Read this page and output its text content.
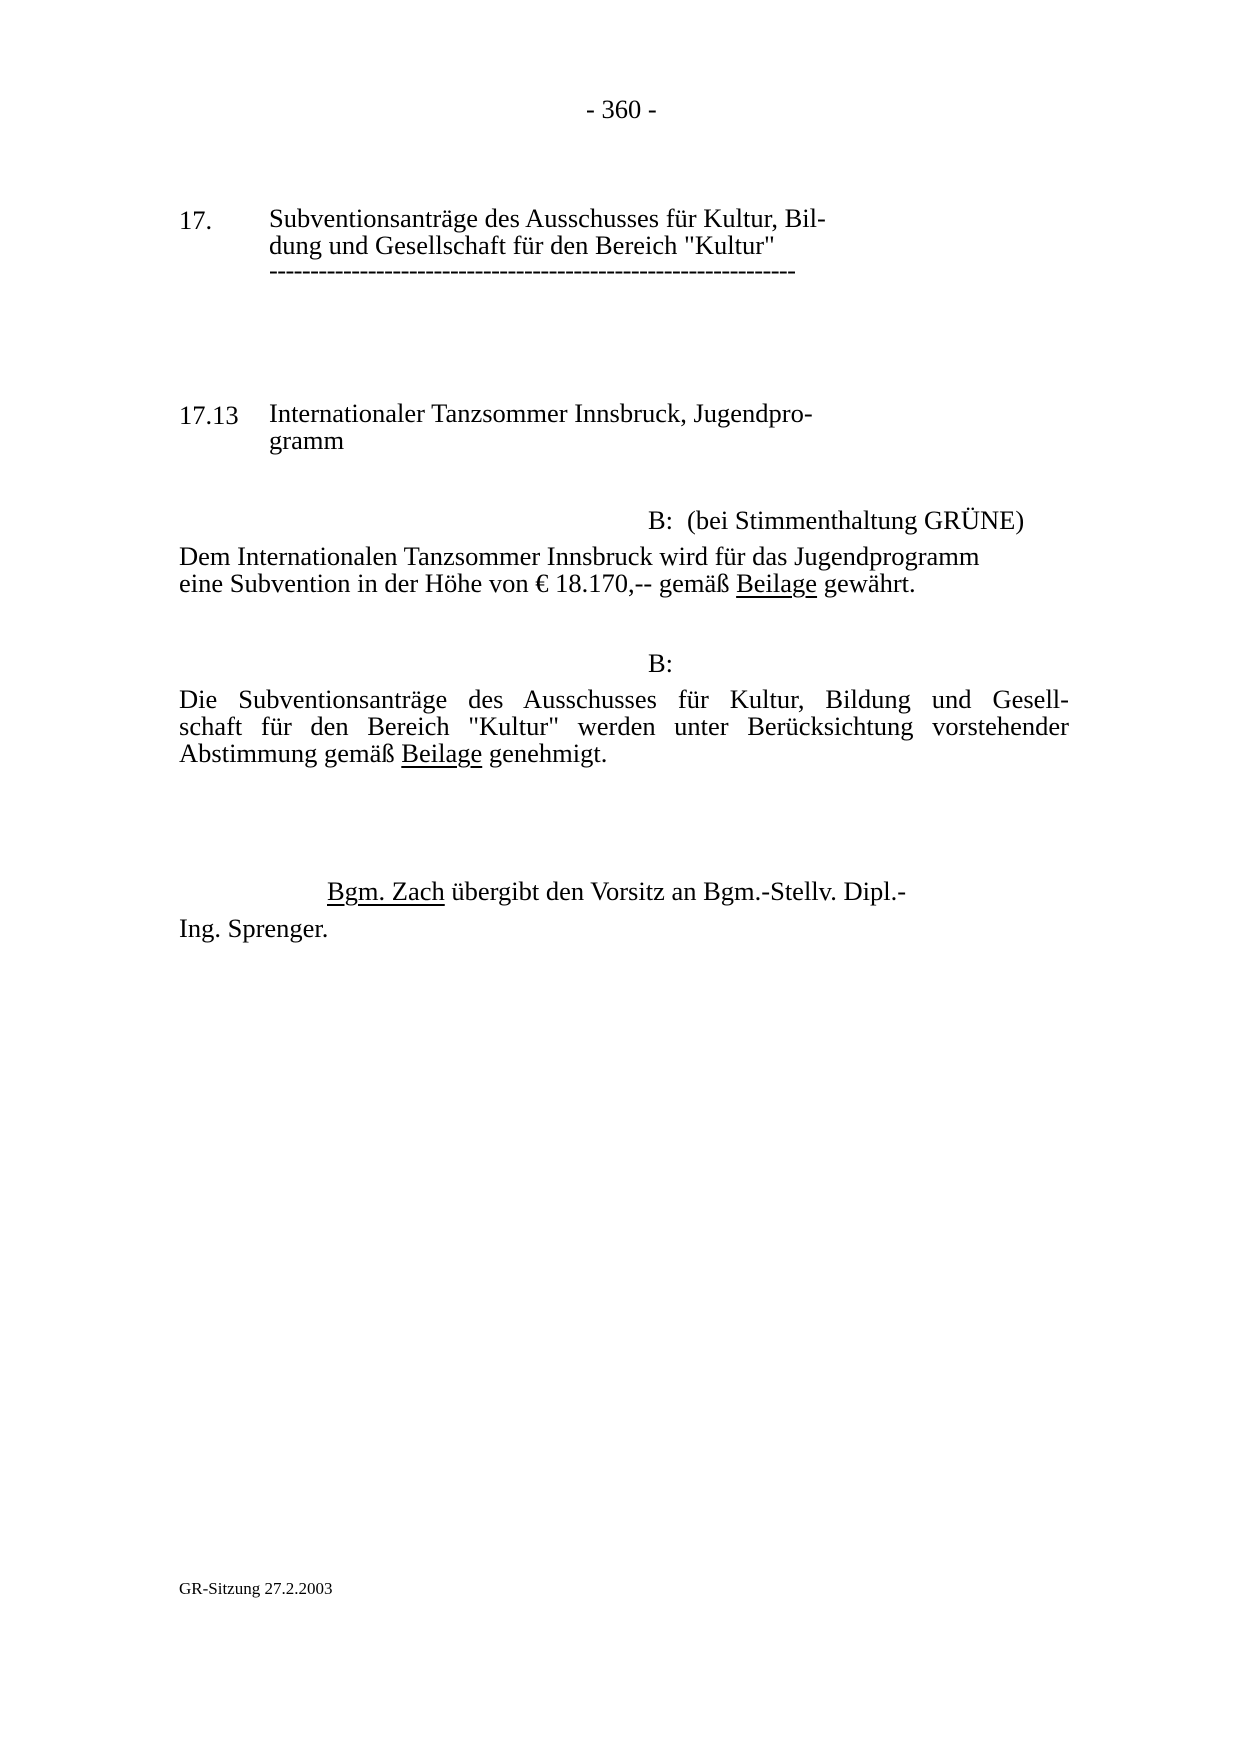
- 360 -
17. Subventionsanträge des Ausschusses für Kultur, Bil-
dung und Gesellschaft für den Bereich "Kultur"
----------------------------------------------------------------
17.13 Internationaler Tanzsommer Innsbruck, Jugendpro-
gramm
B: (bei Stimmenthaltung GRÜNE)
Dem Internationalen Tanzsommer Innsbruck wird für das Jugendprogramm
eine Subvention in der Höhe von € 18.170,-- gemäß Beilage gewährt.
B:
Die Subventionsanträge des Ausschusses für Kultur, Bildung und Gesell-
schaft für den Bereich "Kultur" werden unter Berücksichtung vorstehender
Abstimmung gemäß Beilage genehmigt.
Bgm. Zach übergibt den Vorsitz an Bgm.-Stellv. Dipl.-
Ing. Sprenger.
GR-Sitzung 27.2.2003
